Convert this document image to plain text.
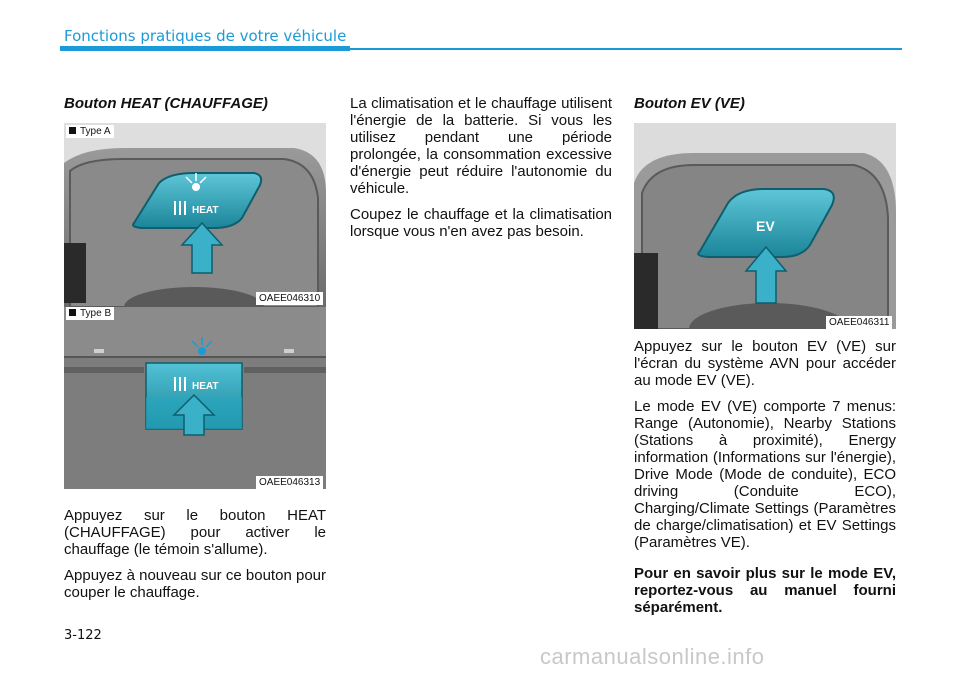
Fonctions pratiques de votre véhicule
Bouton HEAT (CHAUFFAGE)
HEAT
Type A
OAEE046310
HEAT
Type B
OAEE046313

Appuyez sur le bouton HEAT (CHAUFFAGE) pour activer le chauffage (le témoin s'allume).

Appuyez à nouveau sur ce bouton pour couper le chauffage.

La climatisation et le chauffage utilisent l'énergie de la batterie. Si vous les utilisez pendant une période prolongée, la consommation excessive d'énergie peut réduire l'autonomie du véhicule.

Coupez le chauffage et la climatisation lorsque vous n'en avez pas besoin.

Bouton EV (VE)
EV
OAEE046311

Appuyez sur le bouton EV (VE) sur l'écran du système AVN pour accéder au mode EV (VE).

Le mode EV (VE) comporte 7 menus: Range (Autonomie), Nearby Stations (Stations à proximité), Energy information (Informations sur l'énergie), Drive Mode (Mode de conduite), ECO driving (Conduite ECO), Charging/Climate Settings (Paramètres de charge/climatisation) et EV Settings (Paramètres VE).

Pour en savoir plus sur le mode EV, reportez-vous au manuel fourni séparément.

3-122
carmanualsonline.info
